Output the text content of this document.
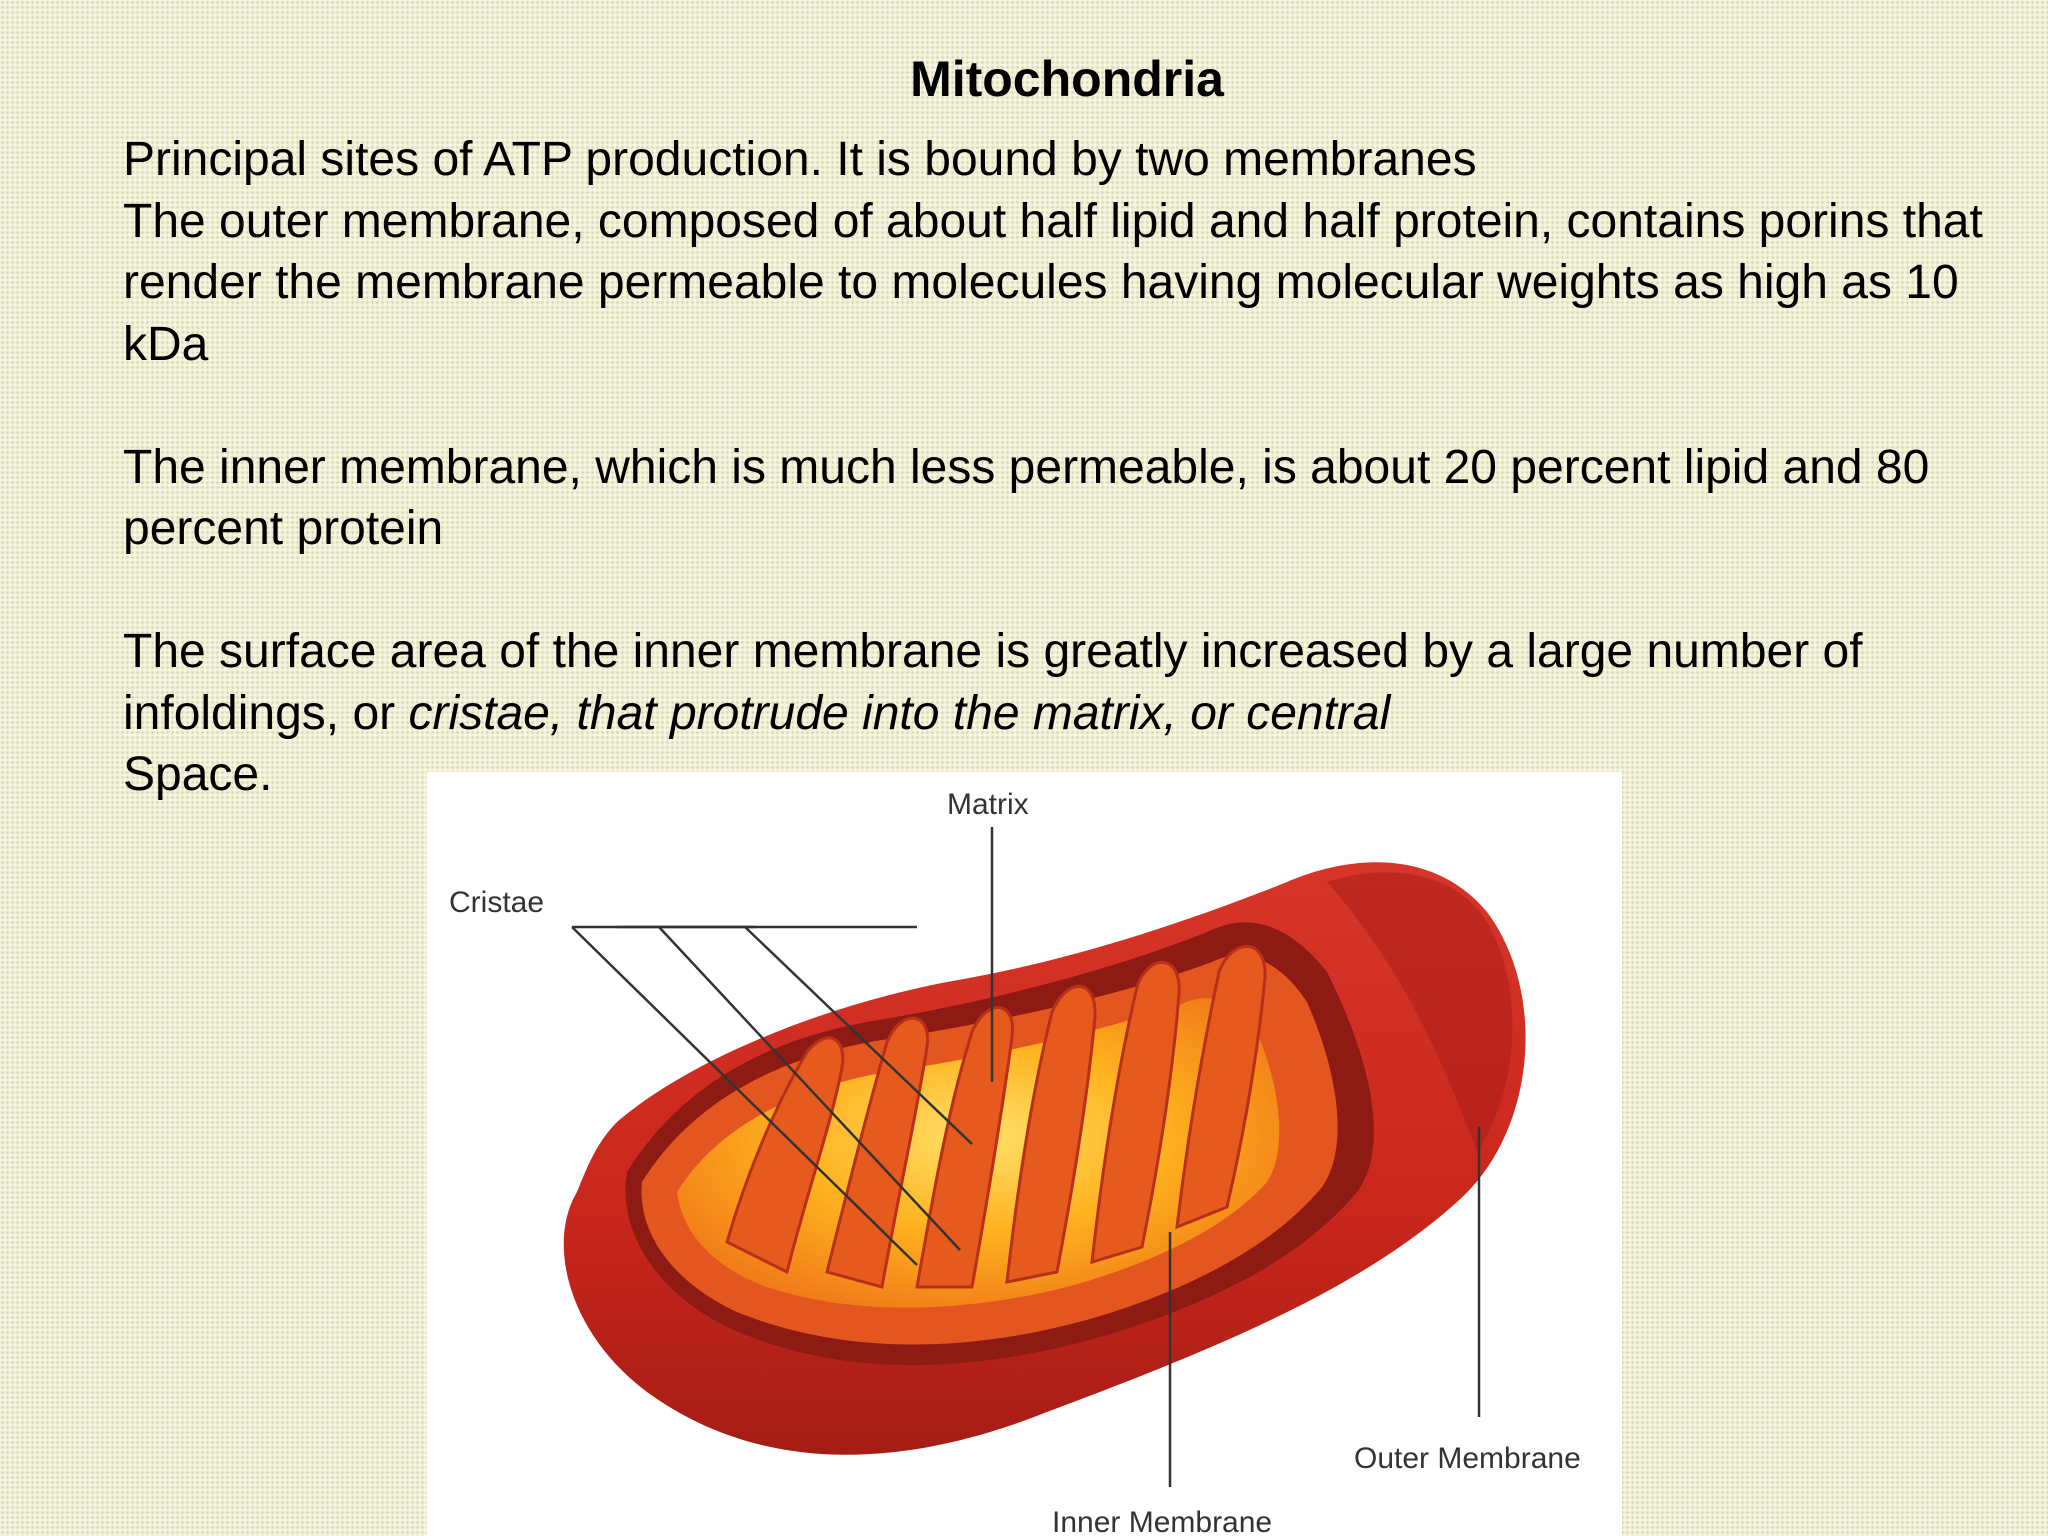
Mitochondria

Principal sites of ATP production. It is bound by two membranes

The outer membrane, composed of about half lipid and half protein, contains porins that render the membrane permeable to molecules having molecular weights as high as 10 kDa

The inner membrane, which is much less permeable, is about 20 percent lipid and 80 percent protein

The surface area of the inner membrane is greatly increased by a large number of infoldings, or cristae, that protrude into the matrix, or central
Space.

Matrix
Cristae
Outer Membrane
Inner Membrane
